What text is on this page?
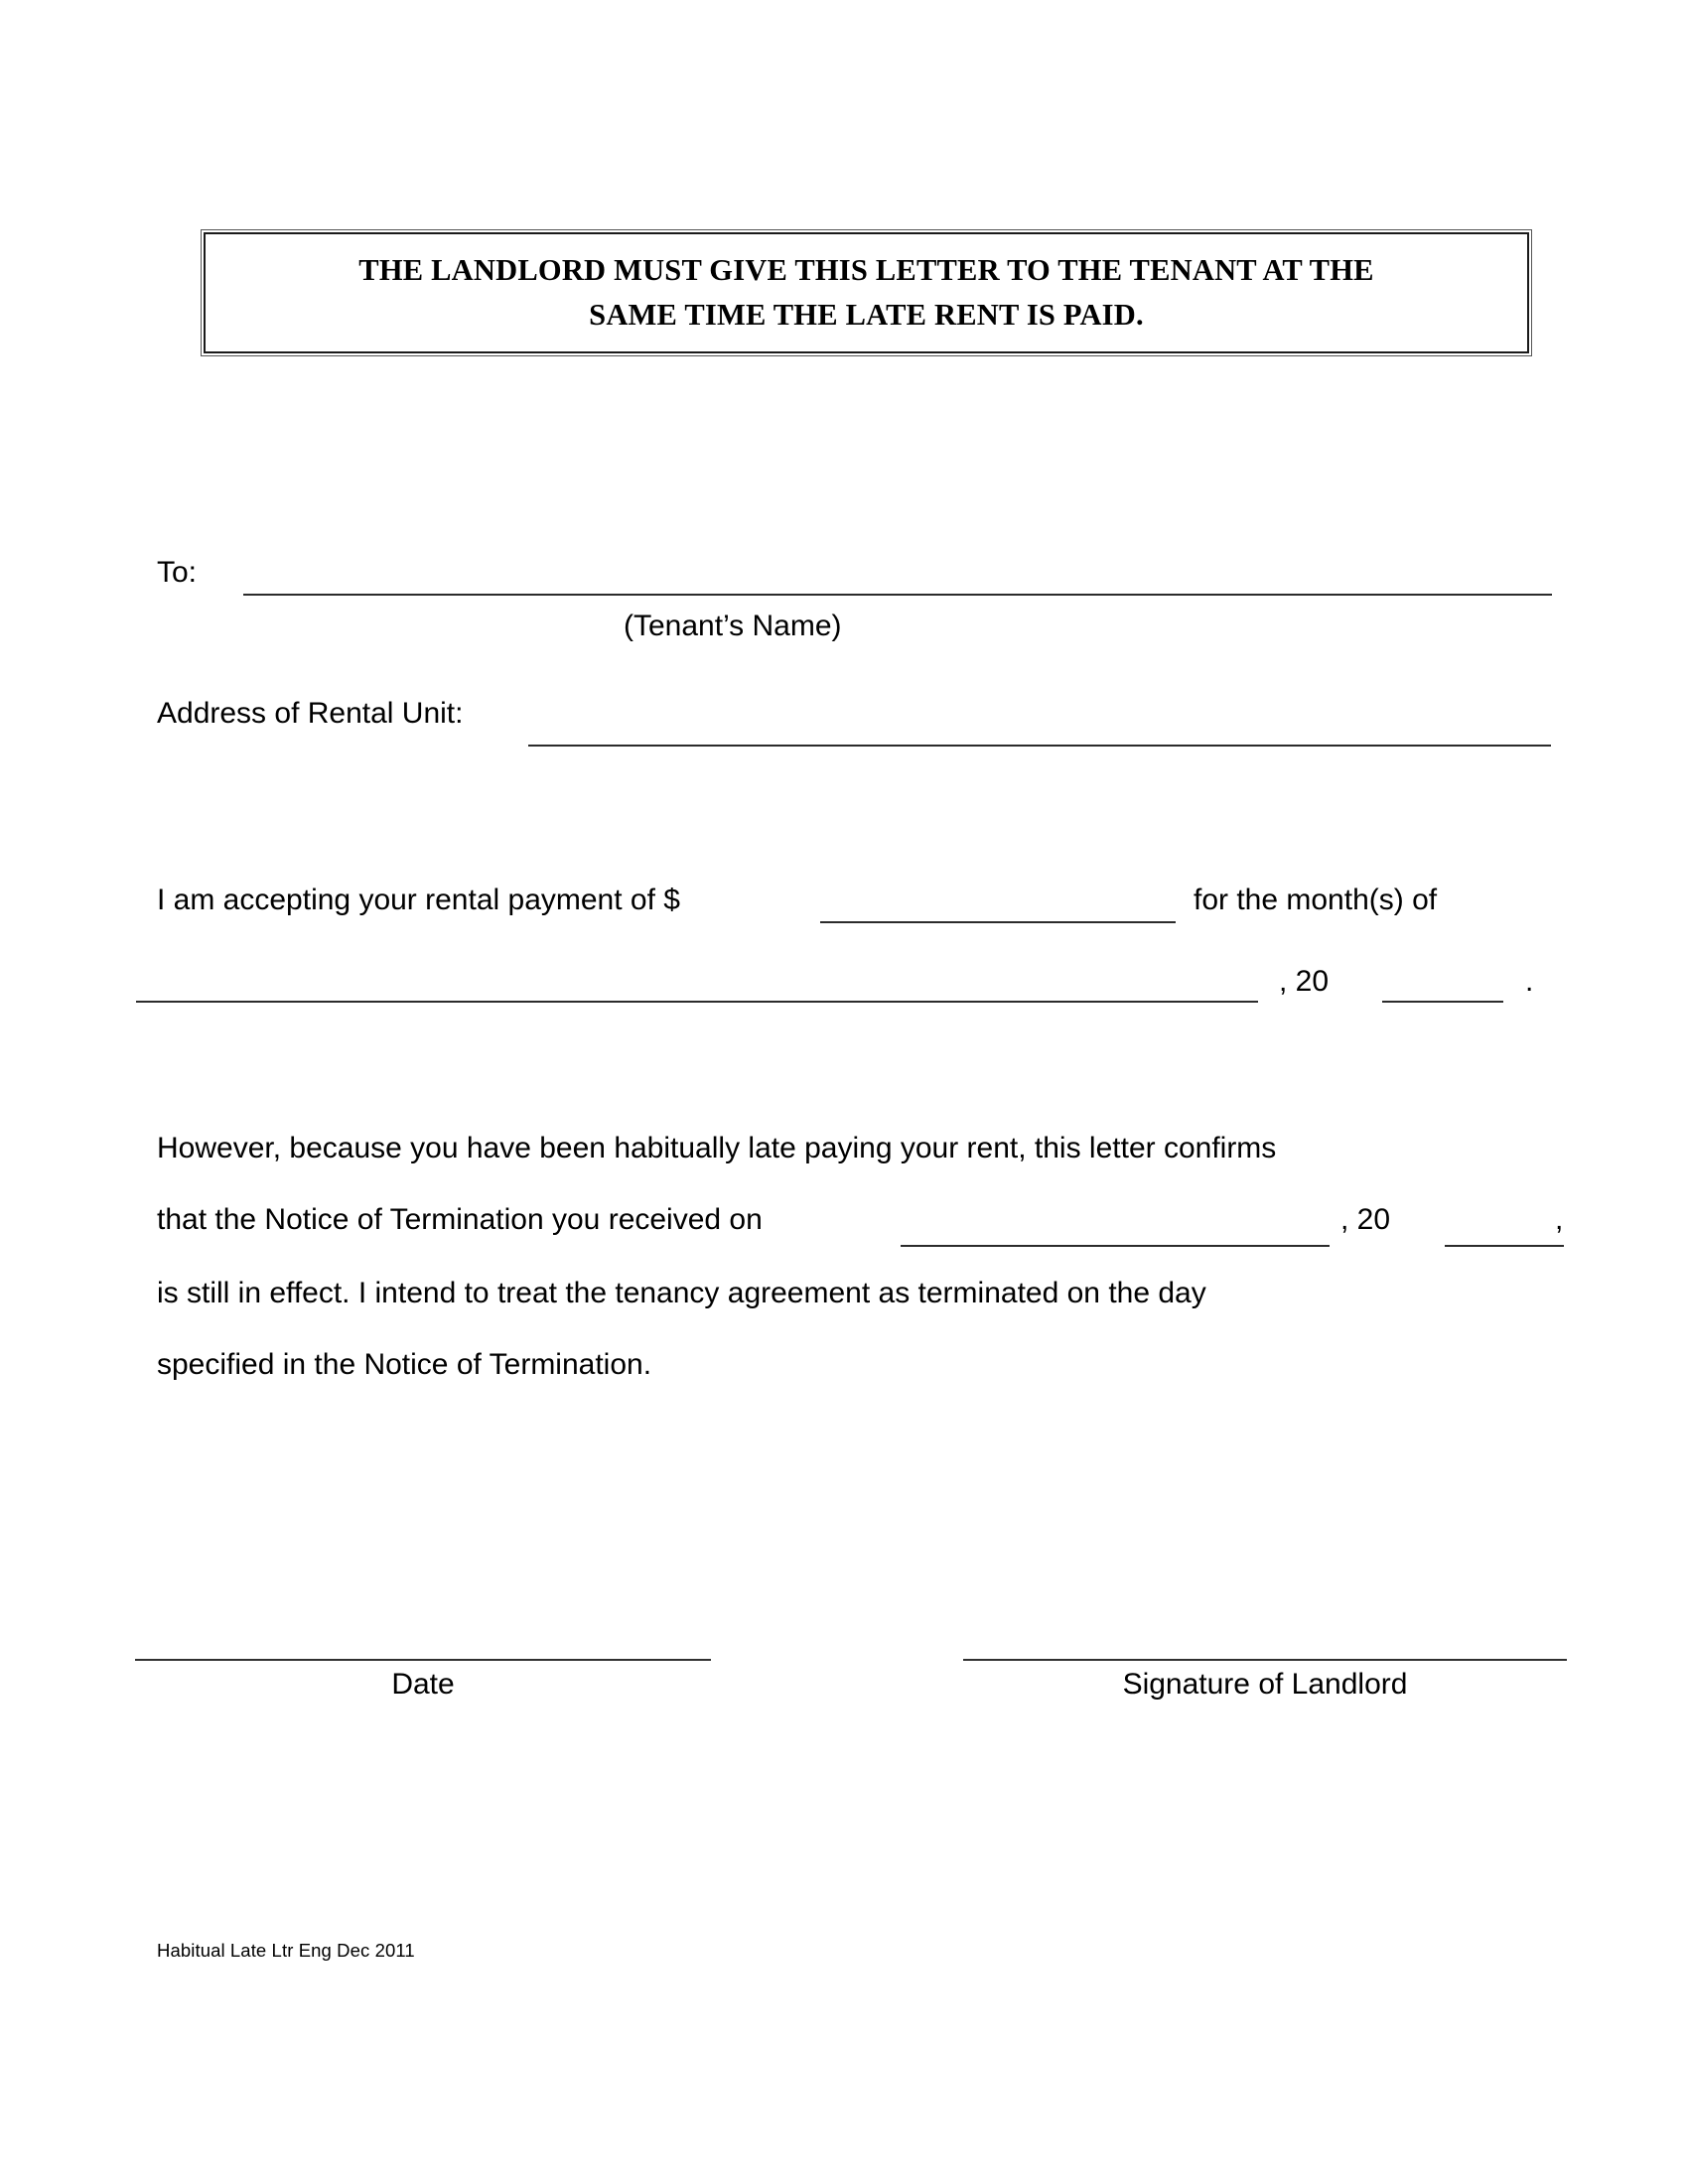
THE LANDLORD MUST GIVE THIS LETTER TO THE TENANT AT THE
SAME TIME THE LATE RENT IS PAID.
To:
(Tenant’s Name)
Address of Rental Unit:
I am accepting your rental payment of $	for the month(s) of
, 20	.
However, because you have been habitually late paying your rent, this letter confirms
that the Notice of Termination you received on	, 20	,
is still in effect. I intend to treat the tenancy agreement as terminated on the day
specified in the Notice of Termination.
Date	Signature of Landlord
Habitual Late Ltr Eng Dec 2011
